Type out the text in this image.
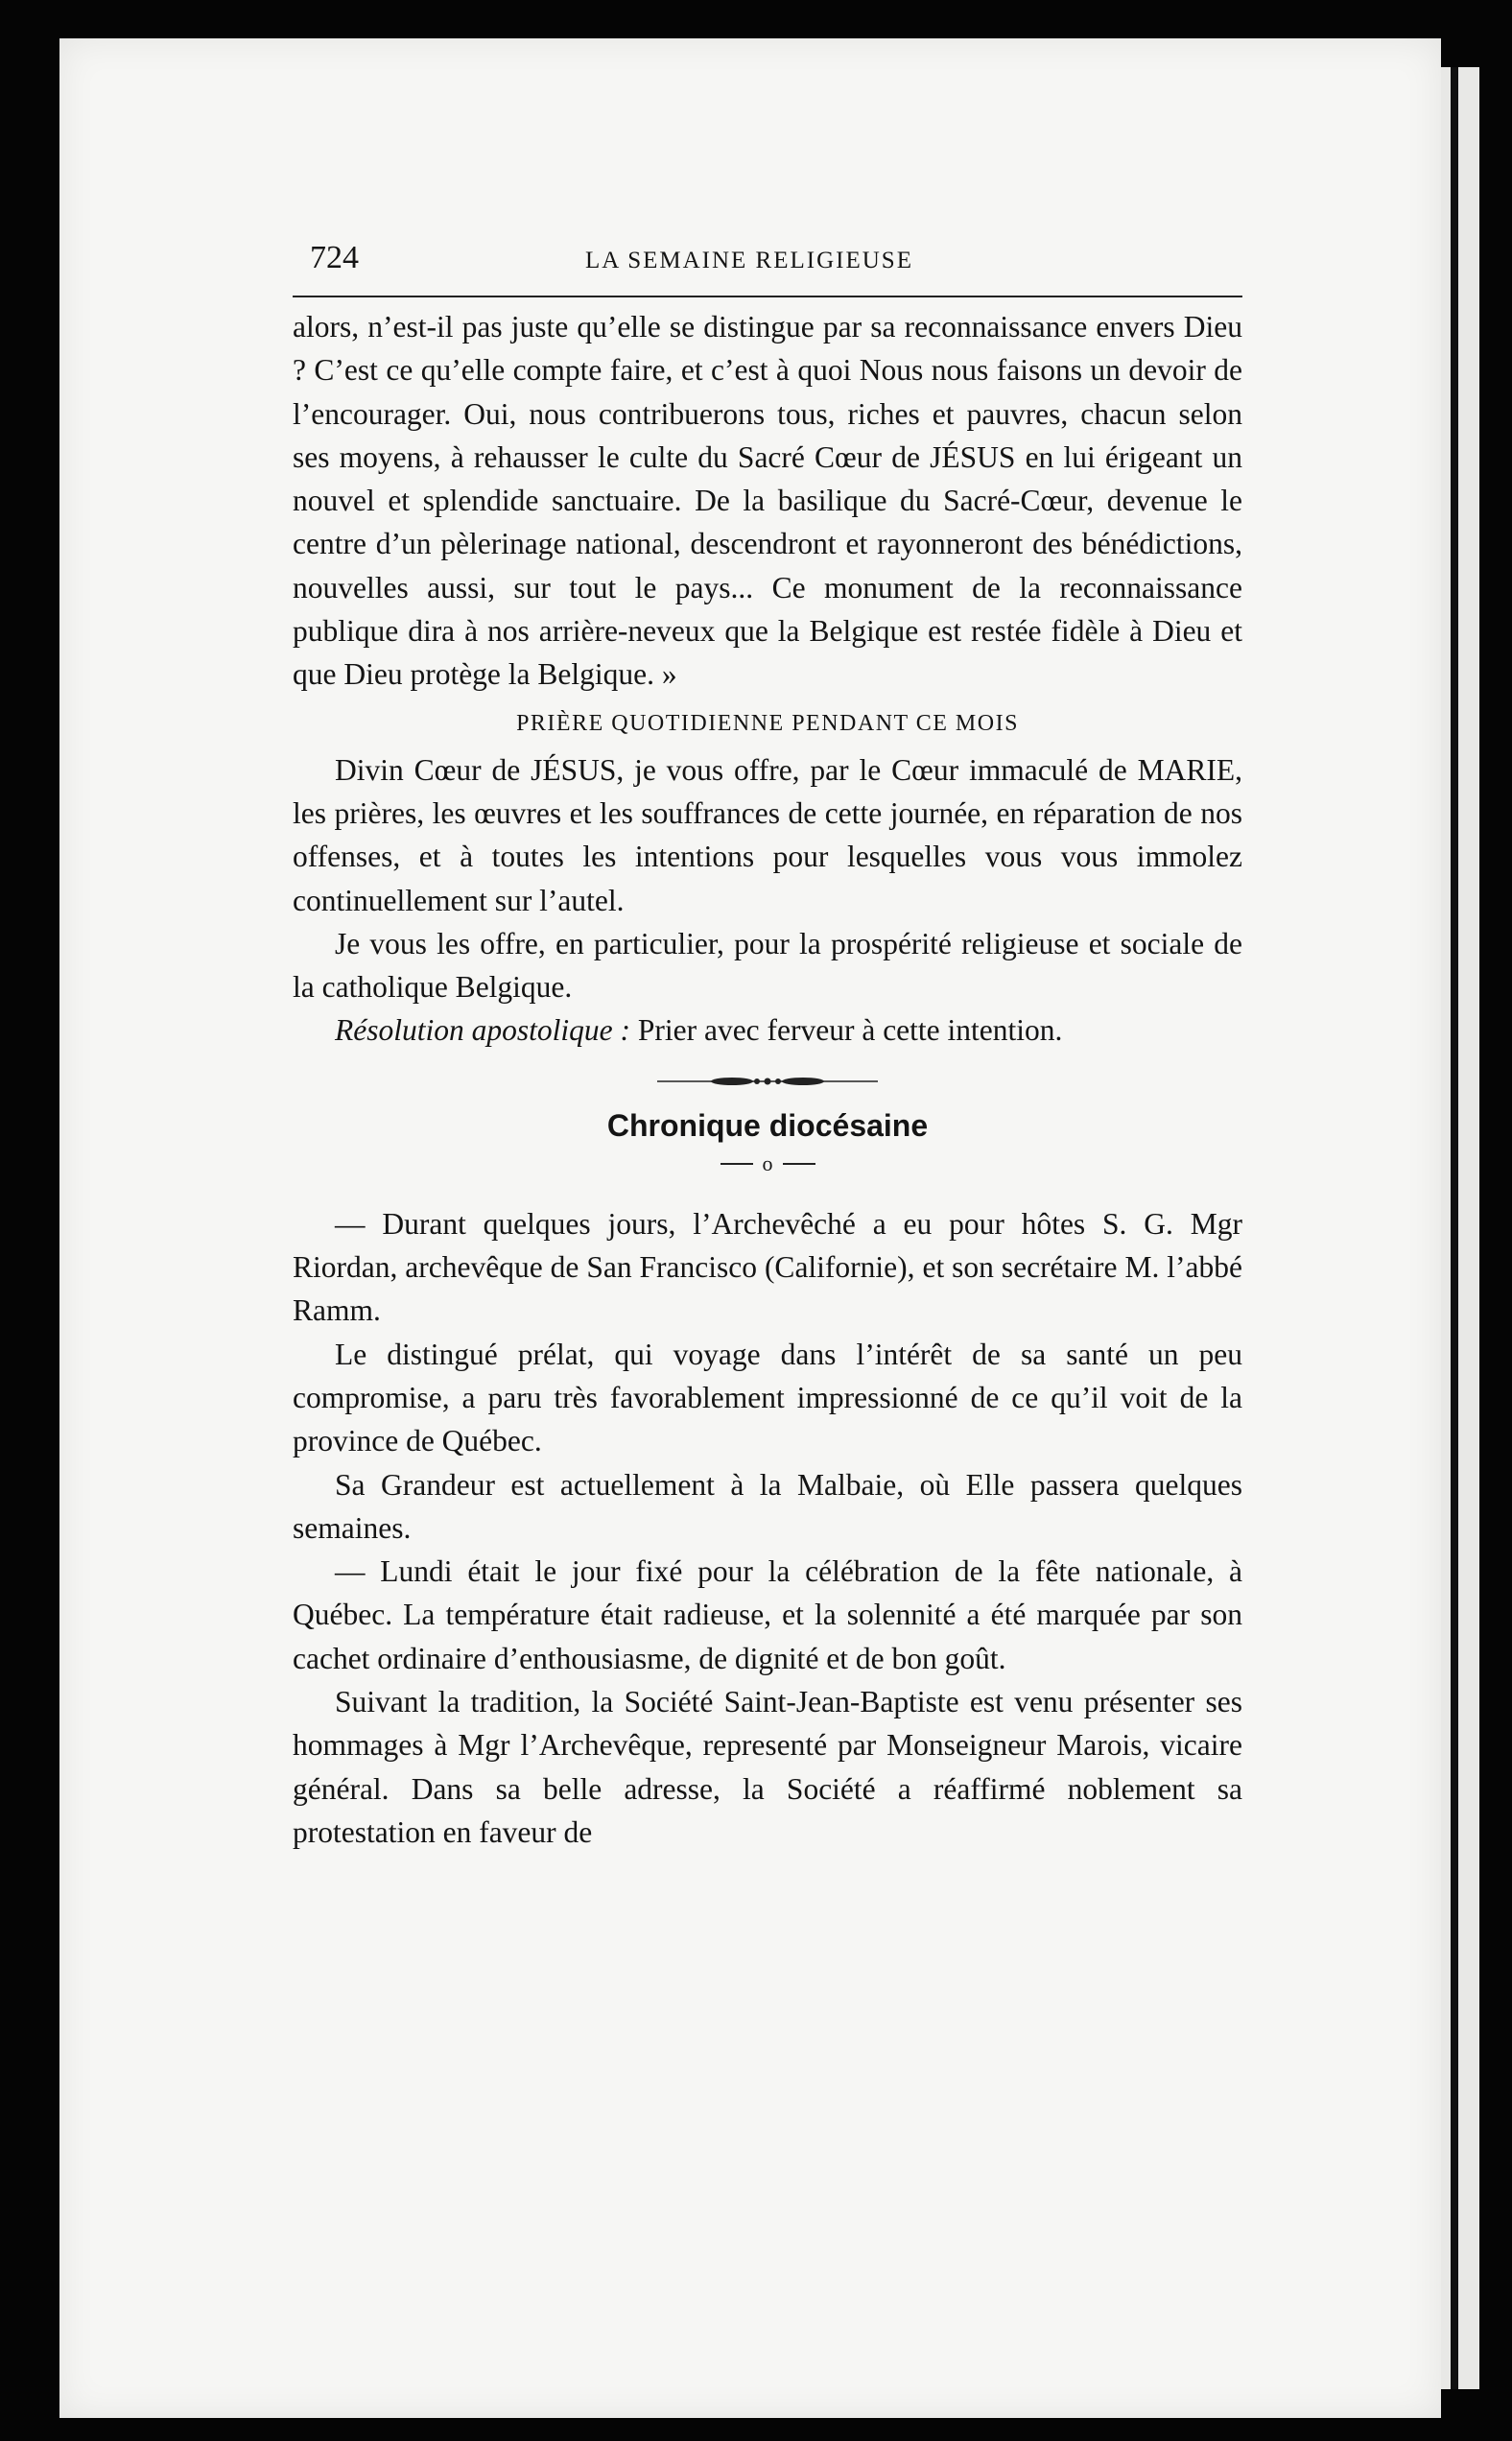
724	LA SEMAINE RELIGIEUSE

alors, n’est-il pas juste qu’elle se distingue par sa reconnaissance envers Dieu ? C’est ce qu’elle compte faire, et c’est à quoi Nous nous faisons un devoir de l’encourager. Oui, nous contribuerons tous, riches et pauvres, chacun selon ses moyens, à rehausser le culte du Sacré Cœur de JÉSUS en lui érigeant un nouvel et splendide sanctuaire. De la basilique du Sacré-Cœur, devenue le centre d’un pèlerinage national, descendront et rayonneront des bénédictions, nouvelles aussi, sur tout le pays... Ce monument de la reconnaissance publique dira à nos arrière-neveux que la Belgique est restée fidèle à Dieu et que Dieu protège la Belgique. »

PRIÈRE QUOTIDIENNE PENDANT CE MOIS

Divin Cœur de JÉSUS, je vous offre, par le Cœur immaculé de MARIE, les prières, les œuvres et les souffrances de cette journée, en réparation de nos offenses, et à toutes les intentions pour lesquelles vous vous immolez continuellement sur l’autel.

Je vous les offre, en particulier, pour la prospérité religieuse et sociale de la catholique Belgique.

Résolution apostolique : Prier avec ferveur à cette intention.

Chronique diocésaine
o

— Durant quelques jours, l’Archevêché a eu pour hôtes S. G. Mgr Riordan, archevêque de San Francisco (Californie), et son secrétaire M. l’abbé Ramm.

Le distingué prélat, qui voyage dans l’intérêt de sa santé un peu compromise, a paru très favorablement impressionné de ce qu’il voit de la province de Québec.

Sa Grandeur est actuellement à la Malbaie, où Elle passera quelques semaines.

— Lundi était le jour fixé pour la célébration de la fête nationale, à Québec. La température était radieuse, et la solennité a été marquée par son cachet ordinaire d’enthousiasme, de dignité et de bon goût.

Suivant la tradition, la Société Saint-Jean-Baptiste est venu présenter ses hommages à Mgr l’Archevêque, representé par Monseigneur Marois, vicaire général. Dans sa belle adresse, la Société a réaffirmé noblement sa protestation en faveur de
